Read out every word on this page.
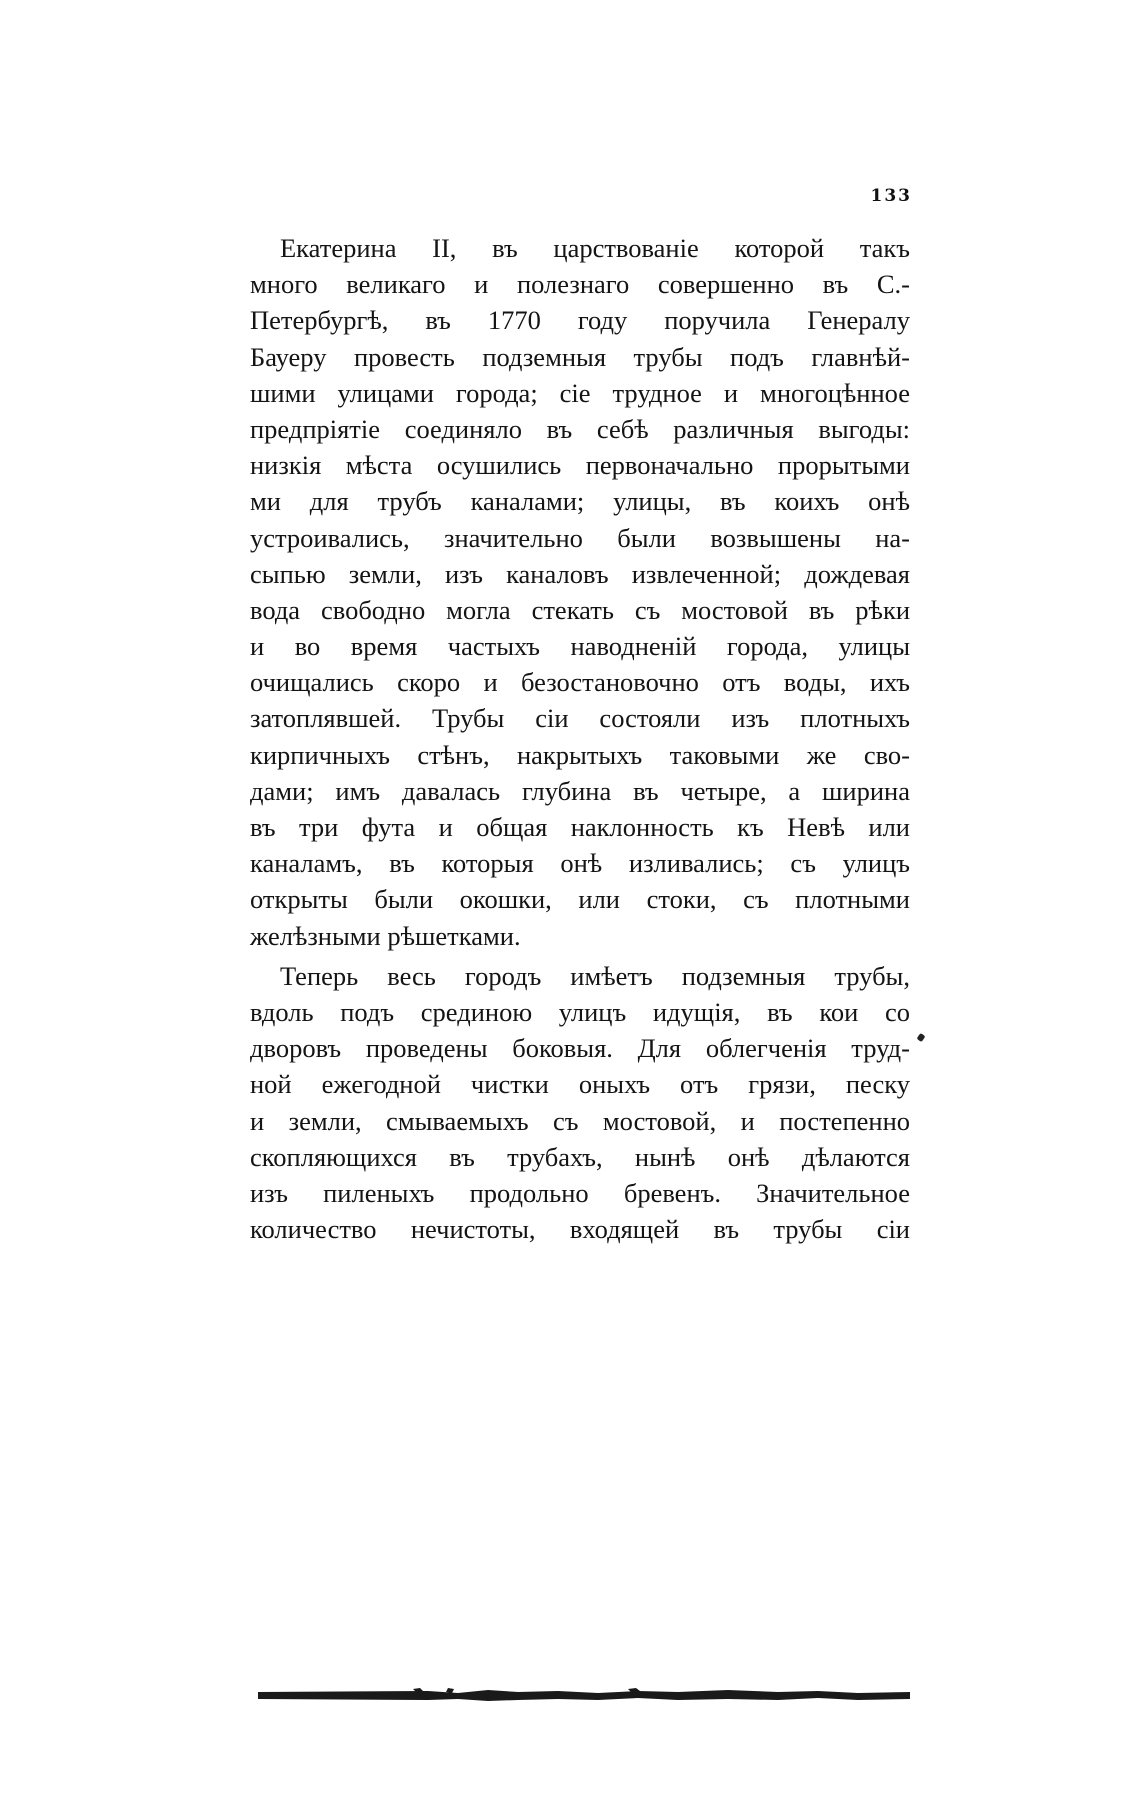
133
Екатерина II, въ царствованіе которой такъ
много великаго и полезнаго совершенно въ С.-
Петербургѣ, въ 1770 году поручила Генералу
Бауеру провесть подземныя трубы подъ главнѣй-
шими улицами города; сіе трудное и многоцѣнное
предпріятіе соединяло въ себѣ различныя выгоды:
низкія мѣста осушились первоначально прорытыми
ми для трубъ каналами; улицы, въ коихъ онѣ
устроивались, значительно были возвышены на-
сыпью земли, изъ каналовъ извлеченной; дождевая
вода свободно могла стекать съ мостовой въ рѣки
и во время частыхъ наводненій города, улицы
очищались скоро и безостановочно отъ воды, ихъ
затоплявшей. Трубы сіи состояли изъ плотныхъ
кирпичныхъ стѣнъ, накрытыхъ таковыми же сво-
дами; имъ давалась глубина въ четыре, а ширина
въ три фута и общая наклонность къ Невѣ или
каналамъ, въ которыя онѣ изливались; съ улицъ
открыты были окошки, или стоки, съ плотными
желѣзными рѣшетками.
Теперь весь городъ имѣетъ подземныя трубы,
вдоль подъ срединою улицъ идущія, въ кои со
дворовъ проведены боковыя. Для облегченія труд-
ной ежегодной чистки оныхъ отъ грязи, песку
и земли, смываемыхъ съ мостовой, и постепенно
скопляющихся въ трубахъ, нынѣ онѣ дѣлаются
изъ пиленыхъ продольно бревенъ. Значительное
количество нечистоты, входящей въ трубы сіи
